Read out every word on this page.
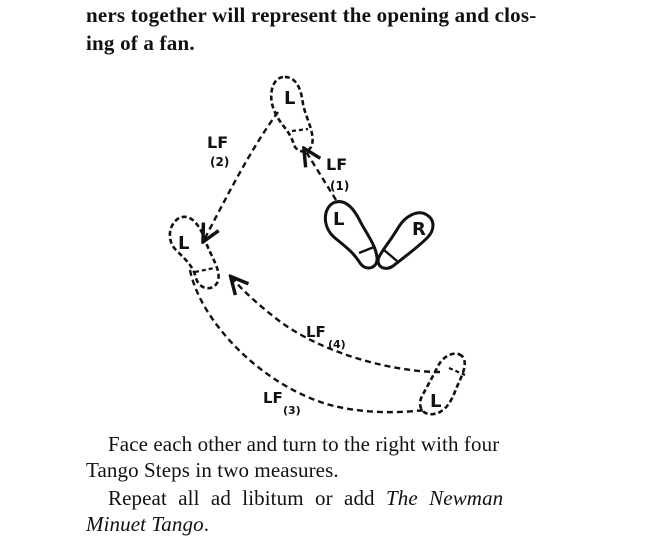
ners together will represent the opening and clos-
ing of a fan.
L
L
L	R
L
LF
(1)
LF
(2)
LF
(3)
LF
(4)
Face each other and turn to the right with four
Tango Steps in two measures.
Repeat all ad libitum or add The Newman
Minuet Tango.
